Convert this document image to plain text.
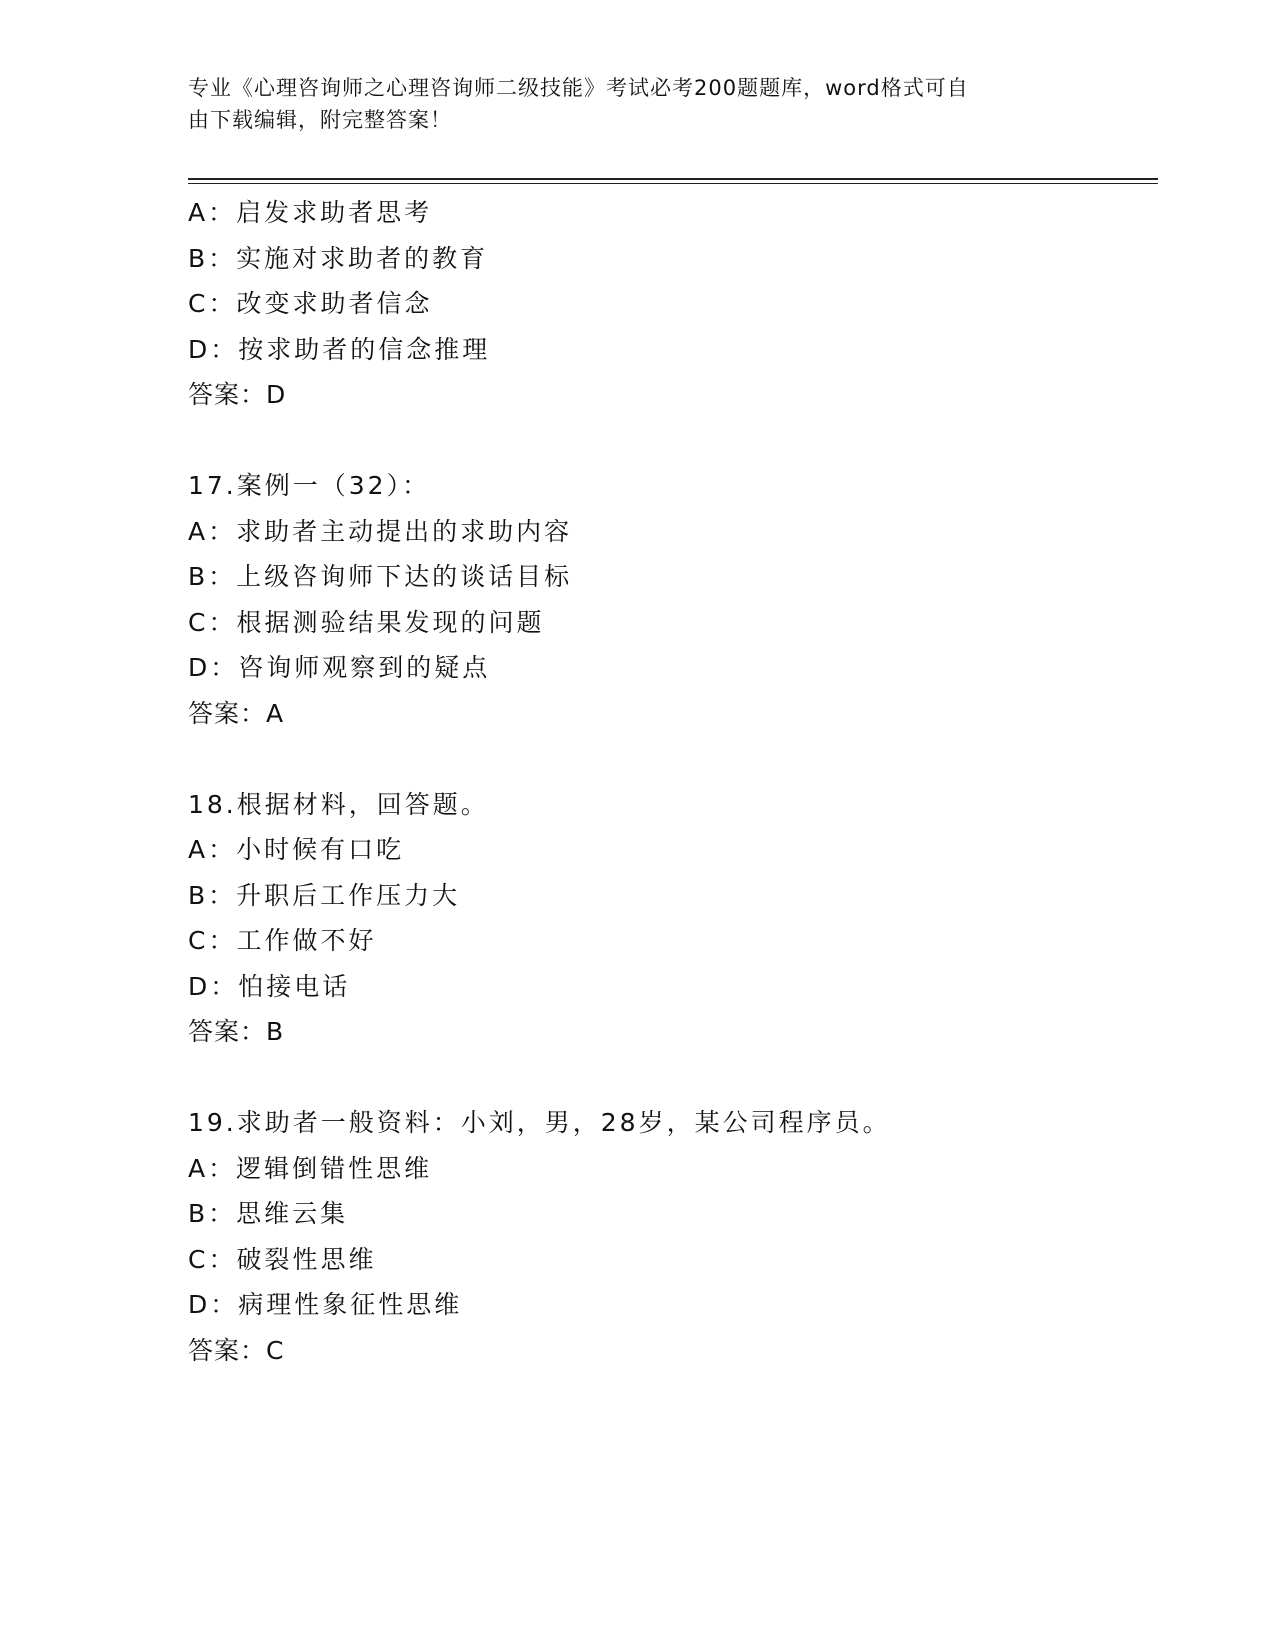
专业《心理咨询师之心理咨询师二级技能》考试必考200题题库，word格式可自
由下载编辑，附完整答案！
A：启发求助者思考
B：实施对求助者的教育
C：改变求助者信念
D：按求助者的信念推理
答案：D
17.案例一（32）：
A：求助者主动提出的求助内容
B：上级咨询师下达的谈话目标
C：根据测验结果发现的问题
D：咨询师观察到的疑点
答案：A
18.根据材料，回答题。
A：小时候有口吃
B：升职后工作压力大
C：工作做不好
D：怕接电话
答案：B
19.求助者一般资料：小刘，男，28岁，某公司程序员。
A：逻辑倒错性思维
B：思维云集
C：破裂性思维
D：病理性象征性思维
答案：C
